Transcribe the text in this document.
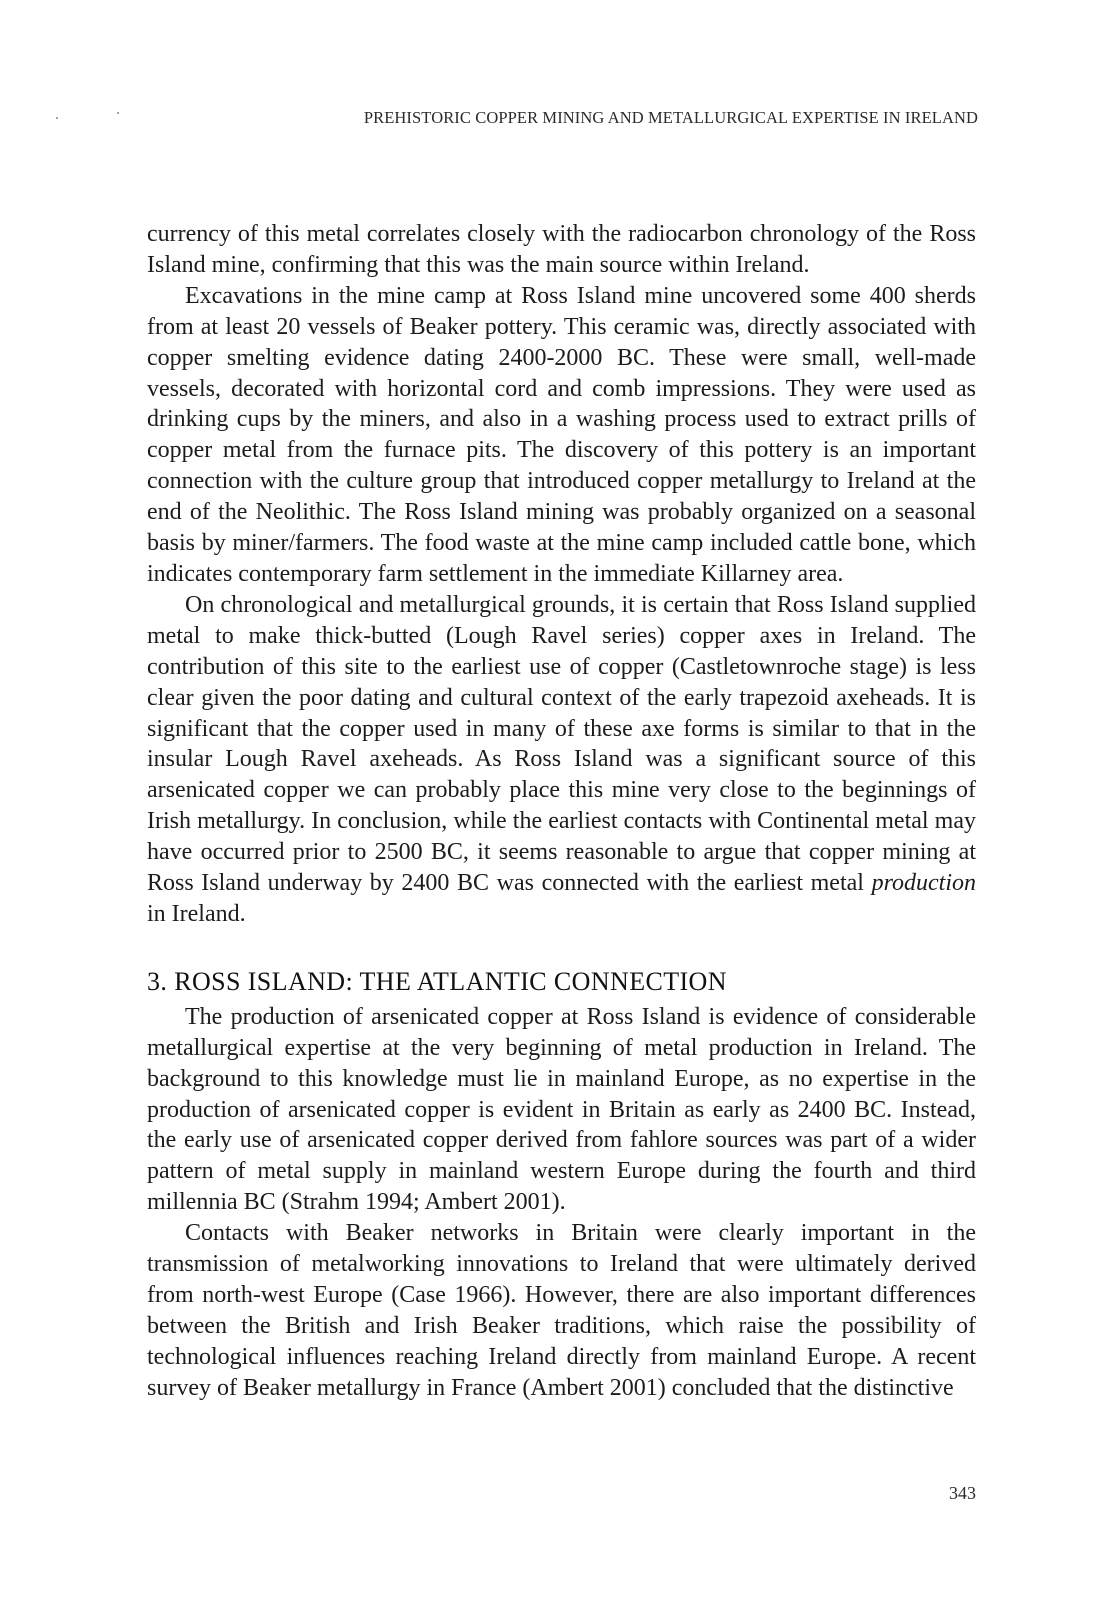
PREHISTORIC COPPER MINING AND METALLURGICAL EXPERTISE IN IRELAND

currency of this metal correlates closely with the radiocarbon chronology of the Ross Island mine, confirming that this was the main source within Ireland.

Excavations in the mine camp at Ross Island mine uncovered some 400 sherds from at least 20 vessels of Beaker pottery. This ceramic was, directly associated with copper smelting evidence dating 2400-2000 BC. These were small, well-made vessels, decorated with horizontal cord and comb impressions. They were used as drinking cups by the miners, and also in a washing process used to extract prills of copper metal from the furnace pits. The discovery of this pottery is an important connection with the culture group that introduced copper metallurgy to Ireland at the end of the Neolithic. The Ross Island mining was probably organized on a seasonal basis by miner/farmers. The food waste at the mine camp included cattle bone, which indicates contemporary farm settlement in the immediate Killarney area.

On chronological and metallurgical grounds, it is certain that Ross Island supplied metal to make thick-butted (Lough Ravel series) copper axes in Ireland. The contribution of this site to the earliest use of copper (Castletownroche stage) is less clear given the poor dating and cultural context of the early trapezoid axeheads. It is significant that the copper used in many of these axe forms is similar to that in the insular Lough Ravel axeheads. As Ross Island was a significant source of this arsenicated copper we can probably place this mine very close to the beginnings of Irish metallurgy. In conclusion, while the earliest contacts with Continental metal may have occurred prior to 2500 BC, it seems reasonable to argue that copper mining at Ross Island underway by 2400 BC was connected with the earliest metal production in Ireland.

3. ROSS ISLAND: THE ATLANTIC CONNECTION

The production of arsenicated copper at Ross Island is evidence of considerable metallurgical expertise at the very beginning of metal production in Ireland. The background to this knowledge must lie in mainland Europe, as no expertise in the production of arsenicated copper is evident in Britain as early as 2400 BC. Instead, the early use of arsenicated copper derived from fahlore sources was part of a wider pattern of metal supply in mainland western Europe during the fourth and third millennia BC (Strahm 1994; Ambert 2001).

Contacts with Beaker networks in Britain were clearly important in the transmission of metalworking innovations to Ireland that were ultimately derived from north-west Europe (Case 1966). However, there are also important differences between the British and Irish Beaker traditions, which raise the possibility of technological influences reaching Ireland directly from mainland Europe. A recent survey of Beaker metallurgy in France (Ambert 2001) concluded that the distinctive

343
